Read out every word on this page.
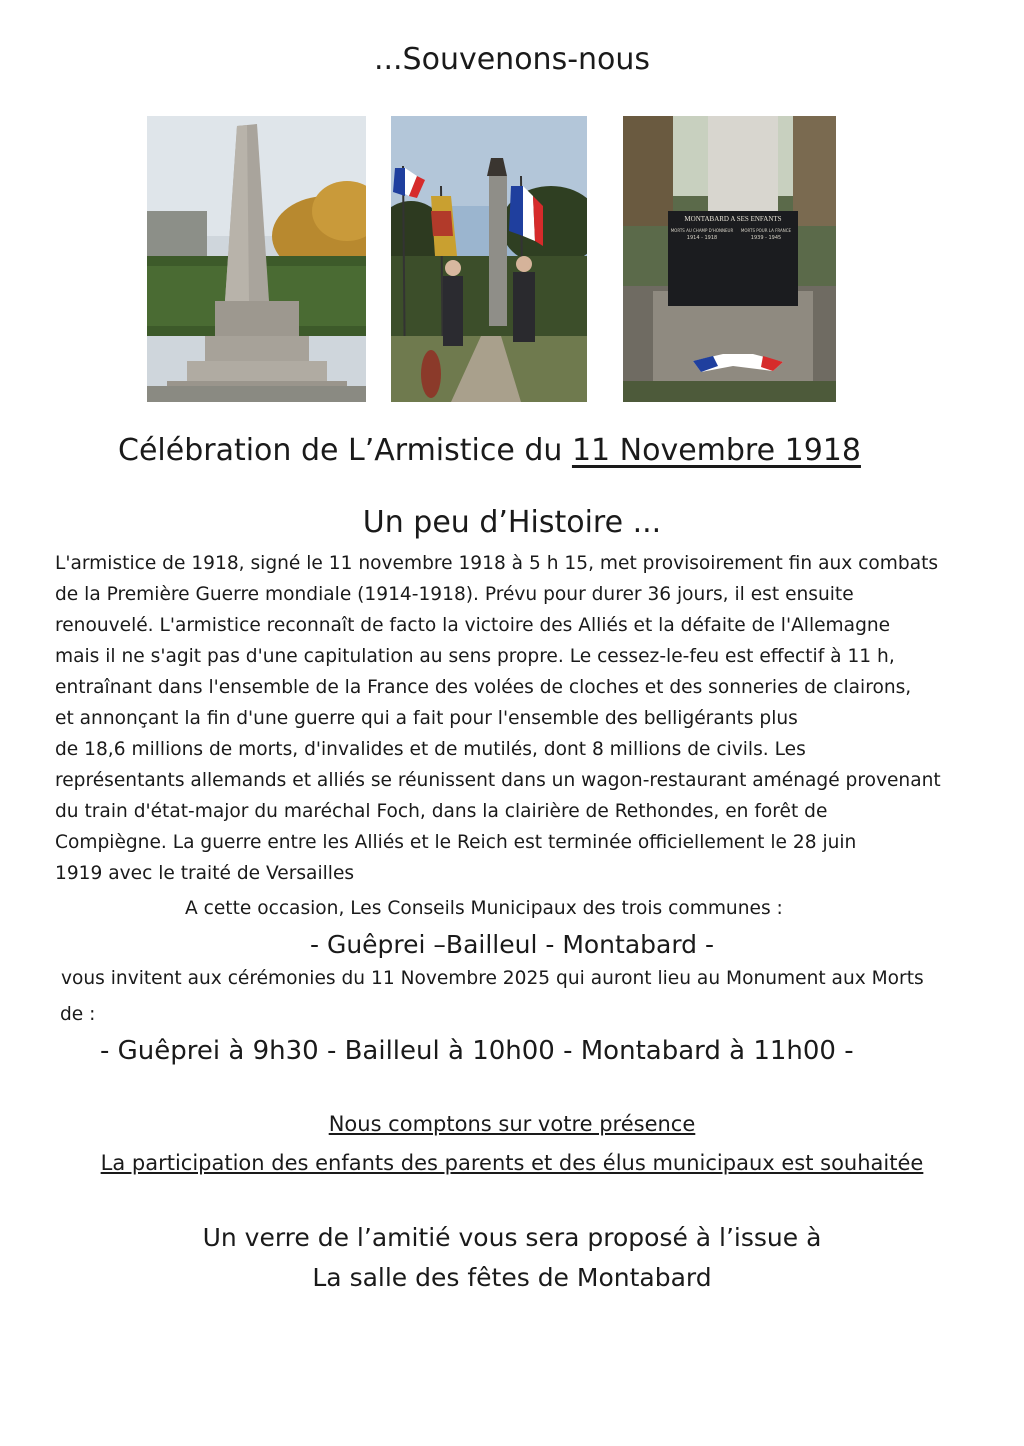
...Souvenons-nous
MONTABARD A SES ENFANTS
MORTS AU CHAMP D'HONNEUR	MORTS POUR LA FRANCE
1914 - 1918	1939 - 1945
Célébration de L’Armistice du 11 Novembre 1918
Un peu d’Histoire ...
L'armistice de 1918, signé le 11 novembre 1918 à 5 h 15, met provisoirement fin aux combats
de la Première Guerre mondiale (1914-1918). Prévu pour durer 36 jours, il est ensuite
renouvelé. L'armistice reconnaît de facto la victoire des Alliés et la défaite de l'Allemagne
mais il ne s'agit pas d'une capitulation au sens propre. Le cessez-le-feu est effectif à 11 h,
entraînant dans l'ensemble de la France des volées de cloches et des sonneries de clairons,
et annonçant la fin d'une guerre qui a fait pour l'ensemble des belligérants plus
de 18,6 millions de morts, d'invalides et de mutilés, dont 8 millions de civils. Les
représentants allemands et alliés se réunissent dans un wagon-restaurant aménagé provenant
du train d'état-major du maréchal Foch, dans la clairière de Rethondes, en forêt de
Compiègne. La guerre entre les Alliés et le Reich est terminée officiellement le 28 juin
1919 avec le traité de Versailles
A cette occasion, Les Conseils Municipaux des trois communes :
- Guêprei –Bailleul - Montabard -
vous invitent aux cérémonies du 11 Novembre 2025 qui auront lieu au Monument aux Morts
de :
- Guêprei à 9h30 - Bailleul à 10h00 - Montabard à 11h00 -
Nous comptons sur votre présence
La participation des enfants des parents et des élus municipaux est souhaitée
Un verre de l’amitié vous sera proposé à l’issue à
La salle des fêtes de Montabard
